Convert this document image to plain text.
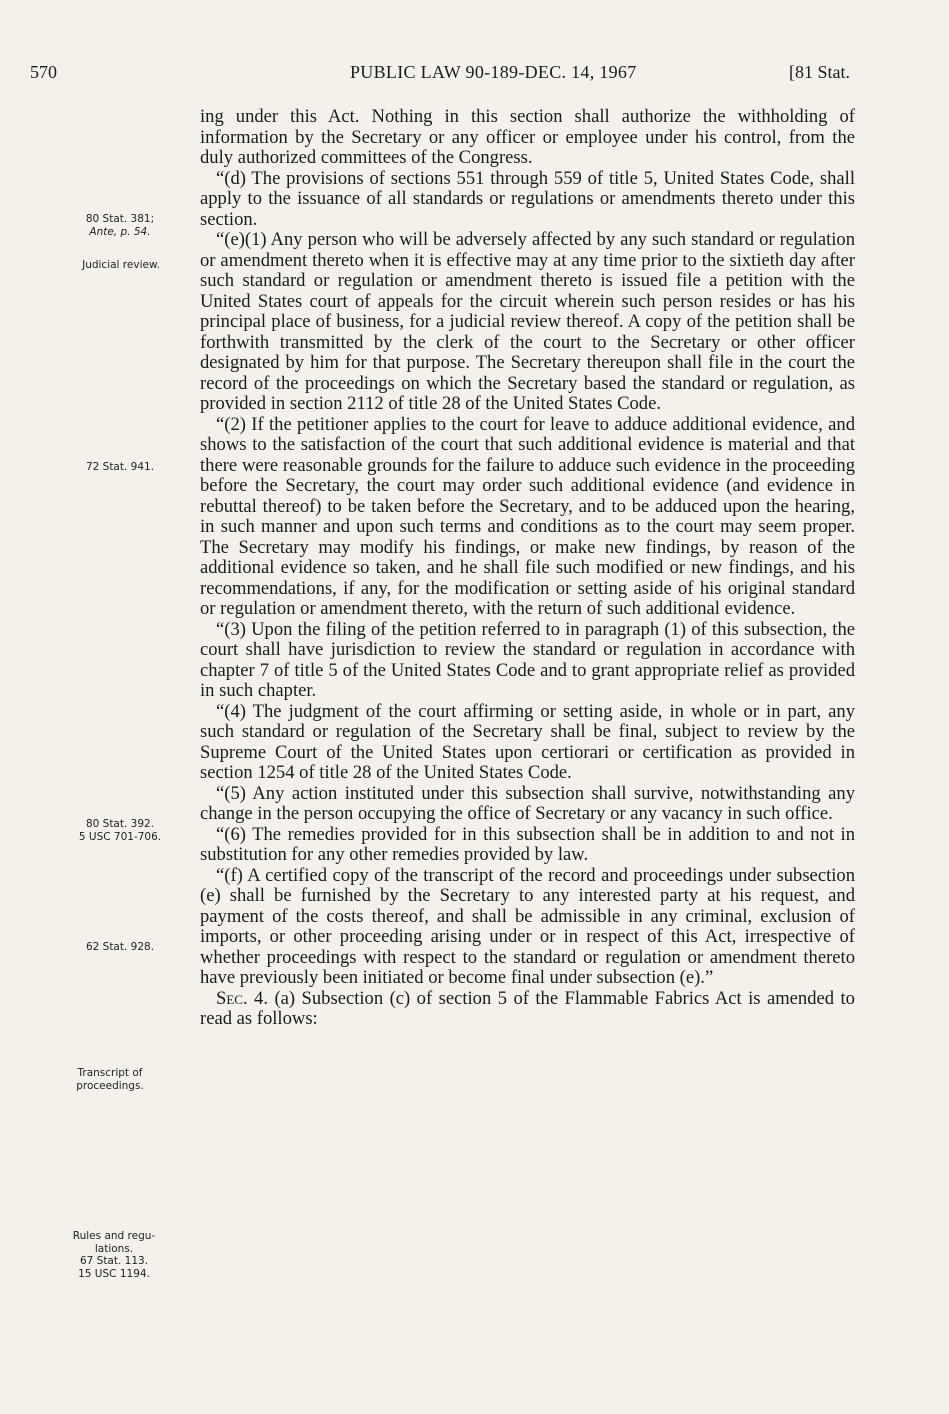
570	PUBLIC LAW 90-189-DEC. 14, 1967	[81 Stat.
80 Stat. 381;
Ante, p. 54.
Judicial review.
72 Stat. 941.
80 Stat. 392.
5 USC 701-706.
62 Stat. 928.
Transcript of
proceedings.
Rules and regu-
lations.
67 Stat. 113.
15 USC 1194.

ing under this Act. Nothing in this section shall authorize the withholding of information by the Secretary or any officer or employee under his control, from the duly authorized committees of the Congress.

“(d) The provisions of sections 551 through 559 of title 5, United States Code, shall apply to the issuance of all standards or regulations or amendments thereto under this section.

“(e)(1) Any person who will be adversely affected by any such standard or regulation or amendment thereto when it is effective may at any time prior to the sixtieth day after such standard or regulation or amendment thereto is issued file a petition with the United States court of appeals for the circuit wherein such person resides or has his principal place of business, for a judicial review thereof. A copy of the petition shall be forthwith transmitted by the clerk of the court to the Secretary or other officer designated by him for that purpose. The Secretary thereupon shall file in the court the record of the proceedings on which the Secretary based the standard or regulation, as provided in section 2112 of title 28 of the United States Code.

“(2) If the petitioner applies to the court for leave to adduce additional evidence, and shows to the satisfaction of the court that such additional evidence is material and that there were reasonable grounds for the failure to adduce such evidence in the proceeding before the Secretary, the court may order such additional evidence (and evidence in rebuttal thereof) to be taken before the Secretary, and to be adduced upon the hearing, in such manner and upon such terms and conditions as to the court may seem proper. The Secretary may modify his findings, or make new findings, by reason of the additional evidence so taken, and he shall file such modified or new findings, and his recommendations, if any, for the modification or setting aside of his original standard or regulation or amendment thereto, with the return of such additional evidence.

“(3) Upon the filing of the petition referred to in paragraph (1) of this subsection, the court shall have jurisdiction to review the standard or regulation in accordance with chapter 7 of title 5 of the United States Code and to grant appropriate relief as provided in such chapter.

“(4) The judgment of the court affirming or setting aside, in whole or in part, any such standard or regulation of the Secretary shall be final, subject to review by the Supreme Court of the United States upon certiorari or certification as provided in section 1254 of title 28 of the United States Code.

“(5) Any action instituted under this subsection shall survive, notwithstanding any change in the person occupying the office of Secretary or any vacancy in such office.

“(6) The remedies provided for in this subsection shall be in addition to and not in substitution for any other remedies provided by law.

“(f) A certified copy of the transcript of the record and proceedings under subsection (e) shall be furnished by the Secretary to any interested party at his request, and payment of the costs thereof, and shall be admissible in any criminal, exclusion of imports, or other proceeding arising under or in respect of this Act, irrespective of whether proceedings with respect to the standard or regulation or amendment thereto have previously been initiated or become final under subsection (e).”

Sec. 4. (a) Subsection (c) of section 5 of the Flammable Fabrics Act is amended to read as follows:
